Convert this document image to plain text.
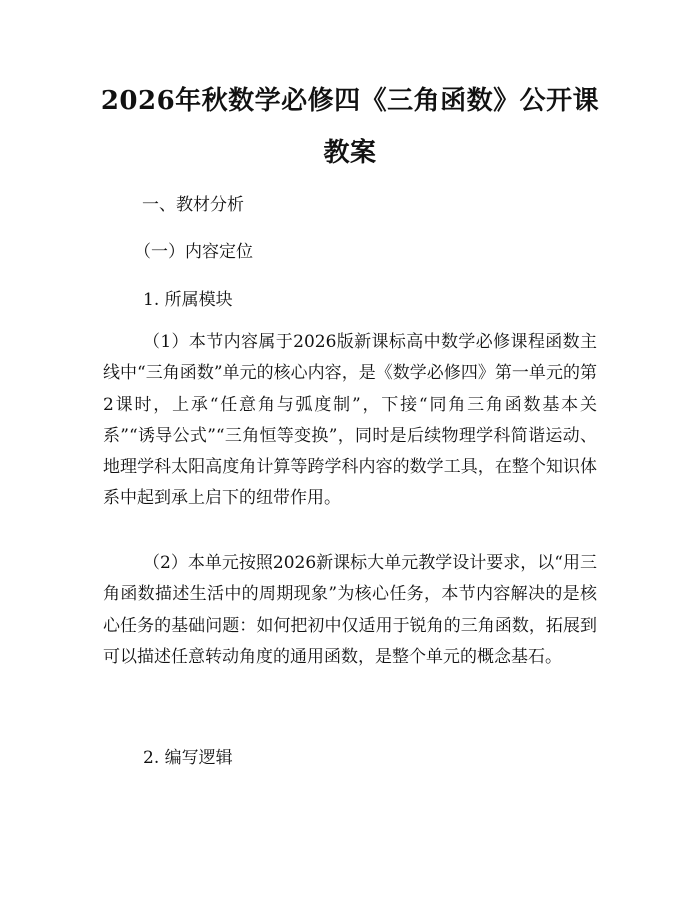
2026年秋数学必修四《三角函数》公开课教案

一、教材分析

（一）内容定位

1. 所属模块

（1）本节内容属于2026版新课标高中数学必修课程函数主线中“三角函数”单元的核心内容，是《数学必修四》第一单元的第2课时，上承“任意角与弧度制”，下接“同角三角函数基本关系”“诱导公式”“三角恒等变换”，同时是后续物理学科简谐运动、地理学科太阳高度角计算等跨学科内容的数学工具，在整个知识体系中起到承上启下的纽带作用。

（2）本单元按照2026新课标大单元教学设计要求，以“用三角函数描述生活中的周期现象”为核心任务，本节内容解决的是核心任务的基础问题：如何把初中仅适用于锐角的三角函数，拓展到可以描述任意转动角度的通用函数，是整个单元的概念基石。

2. 编写逻辑
